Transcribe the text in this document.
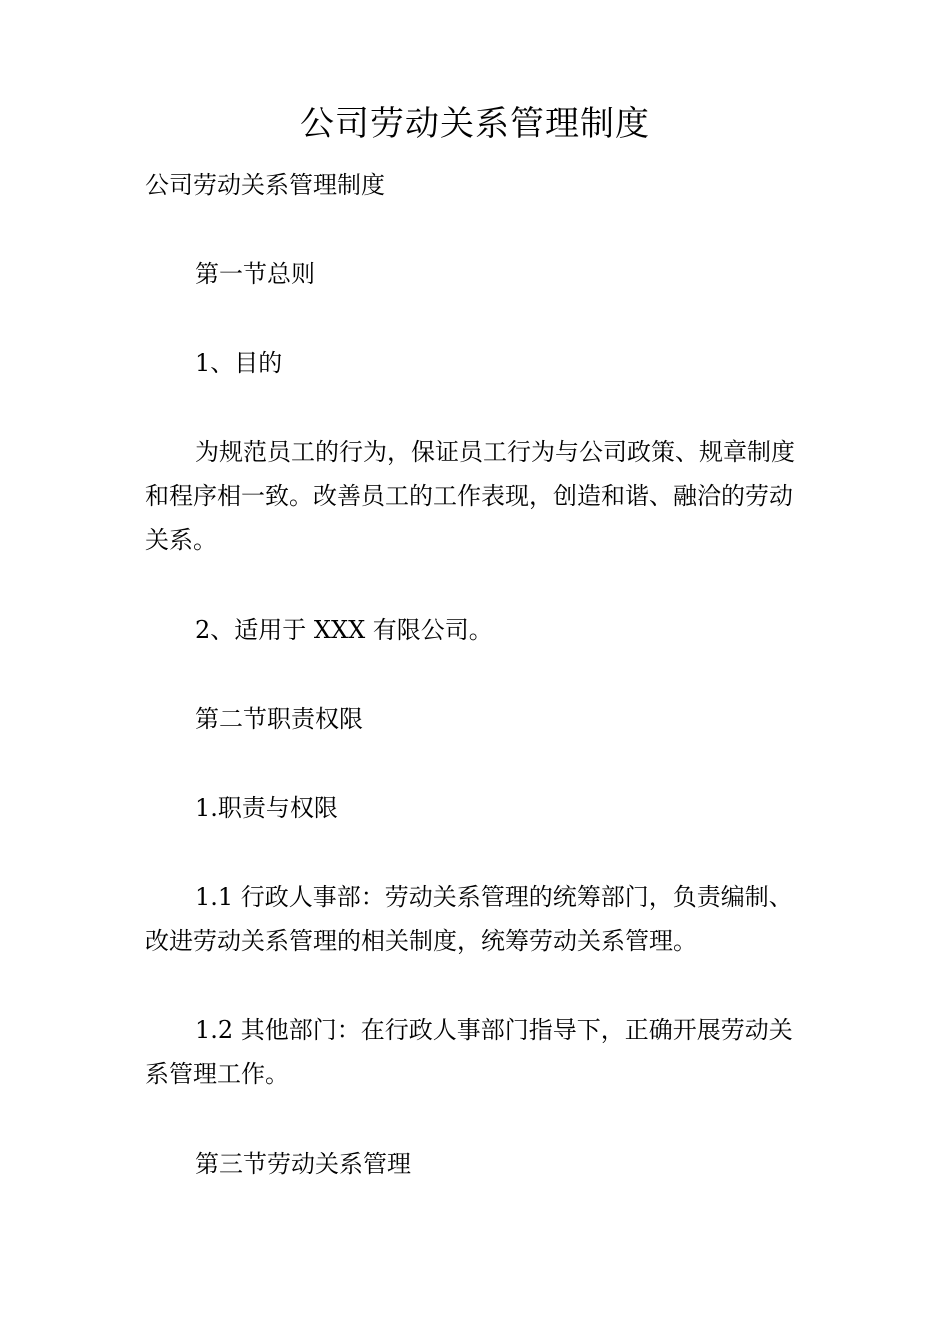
公司劳动关系管理制度

公司劳动关系管理制度

第一节总则

1、目的

为规范员工的行为，保证员工行为与公司政策、规章制度和程序相一致。改善员工的工作表现，创造和谐、融洽的劳动关系。

2、适用于 XXX 有限公司。

第二节职责权限

1.职责与权限

1.1 行政人事部：劳动关系管理的统筹部门，负责编制、改进劳动关系管理的相关制度，统筹劳动关系管理。

1.2 其他部门：在行政人事部门指导下，正确开展劳动关系管理工作。

第三节劳动关系管理
